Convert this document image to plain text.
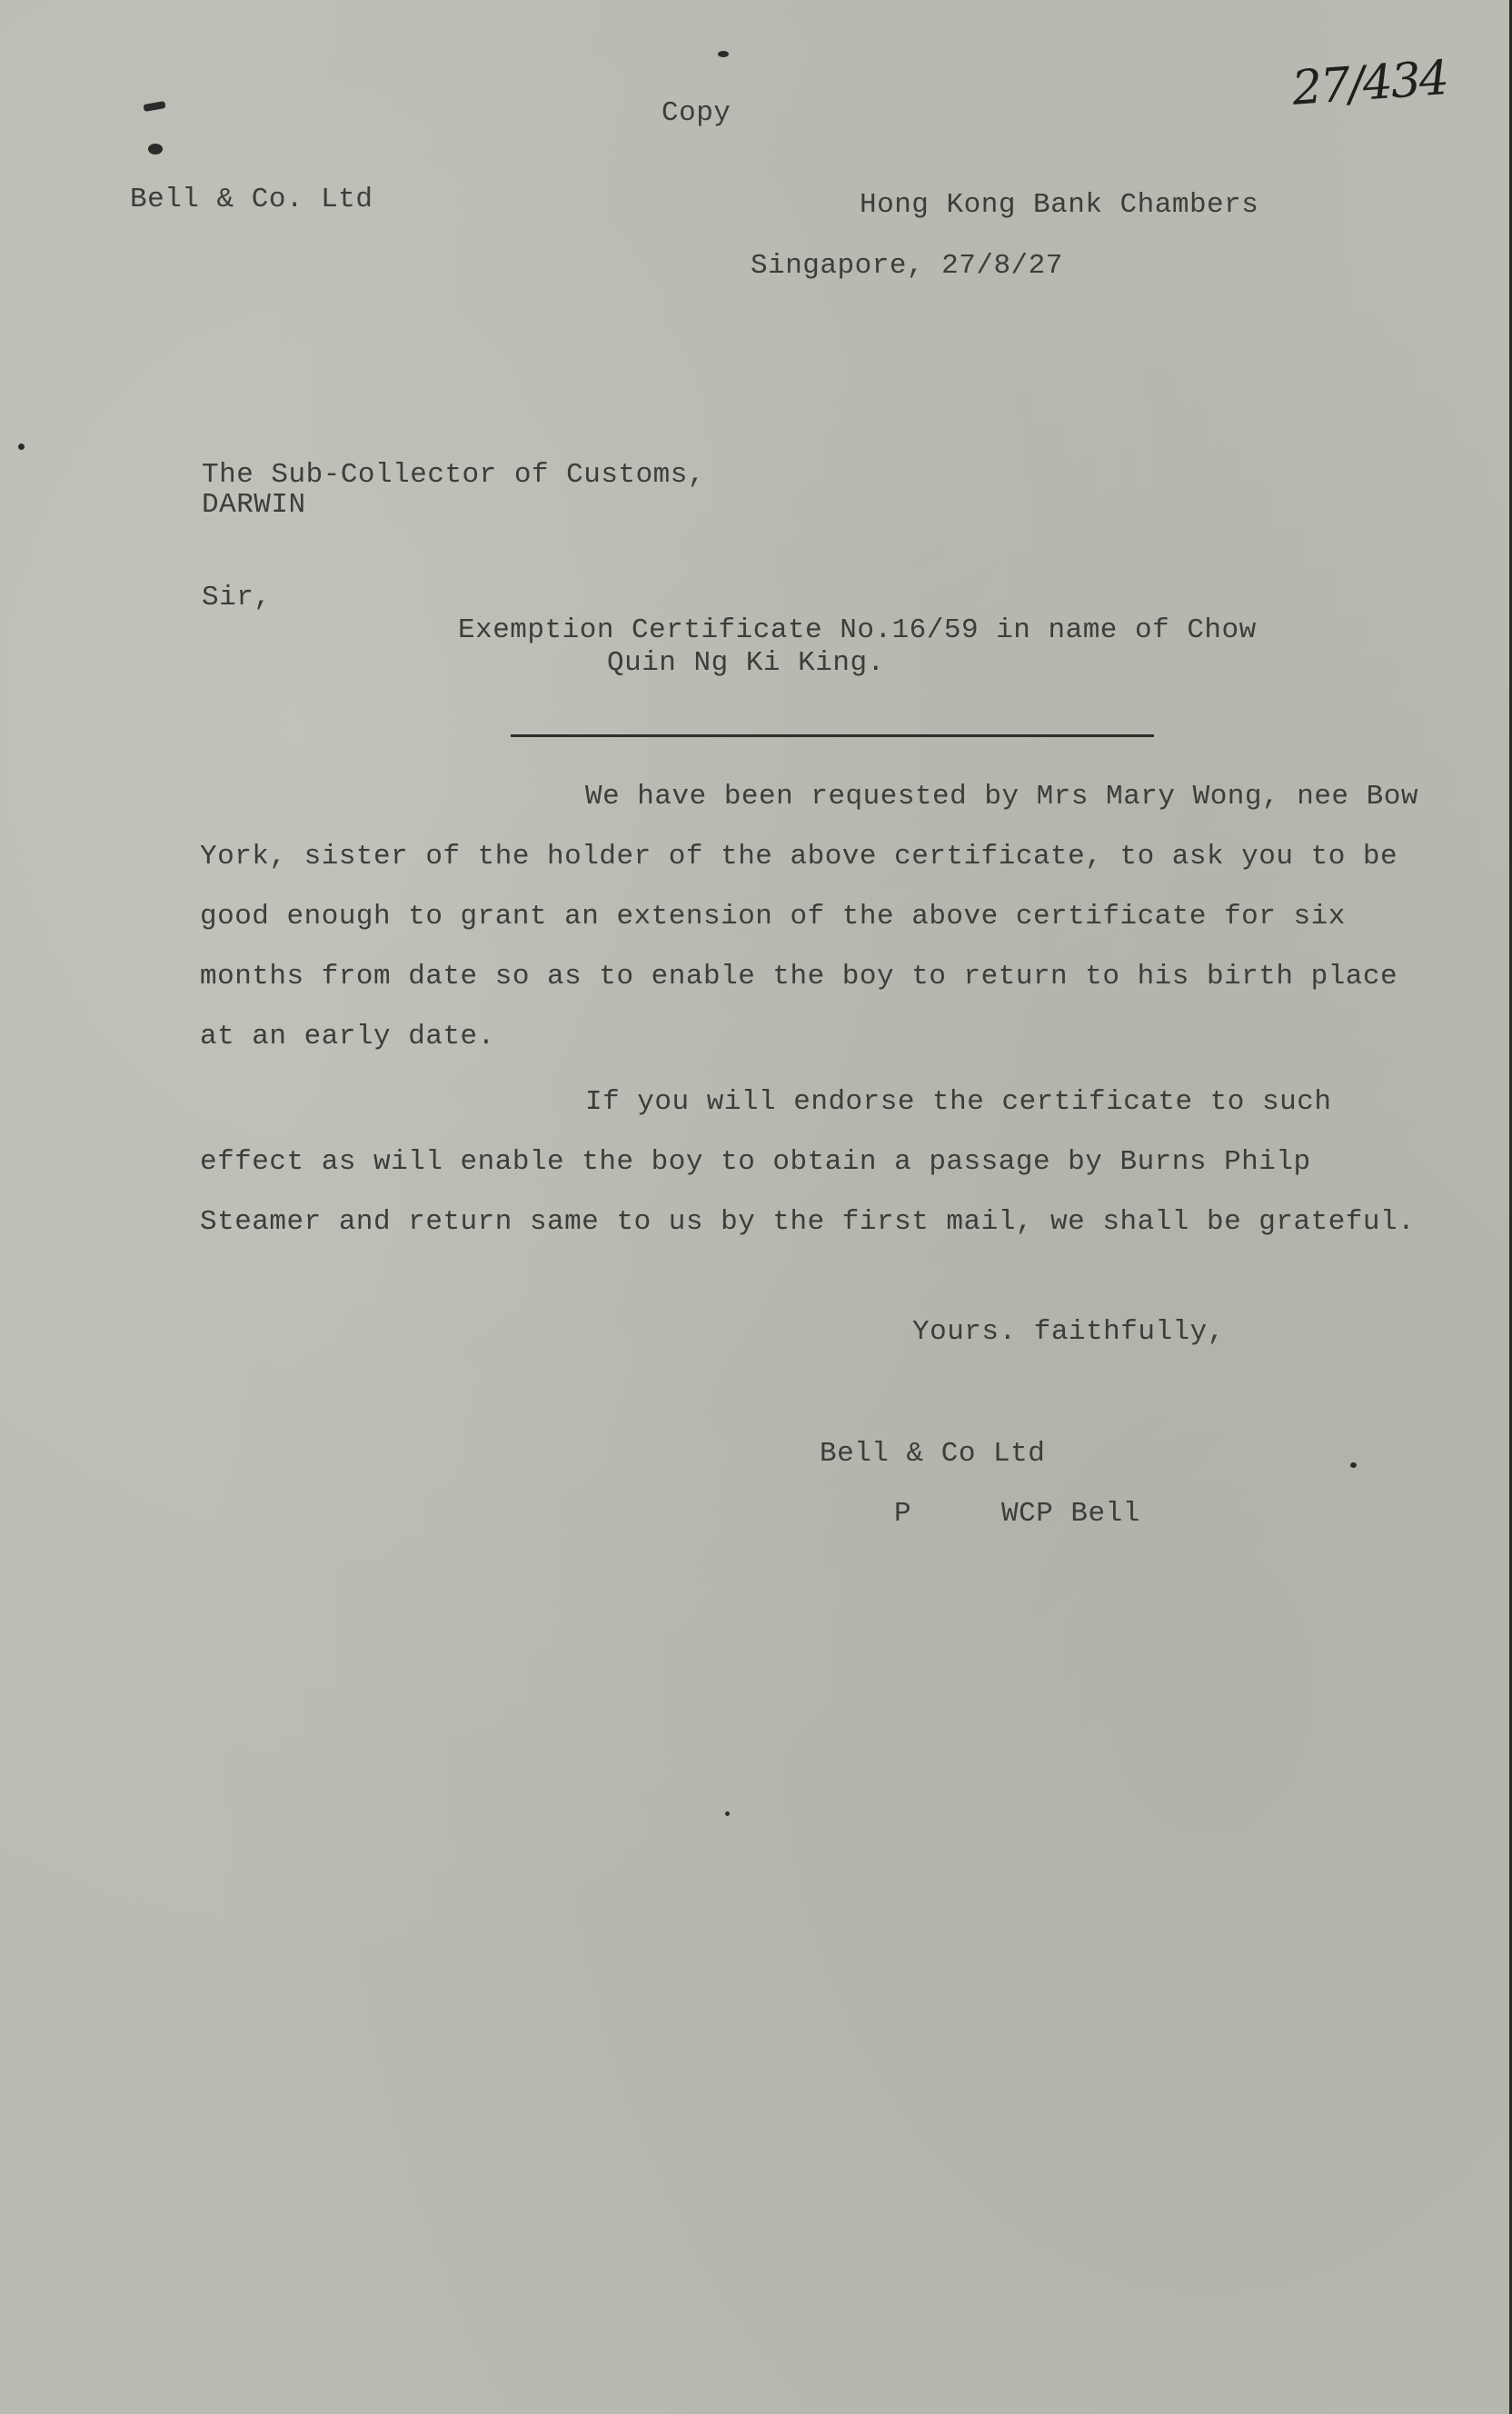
Copy	27/434
Bell & Co. Ltd	Hong Kong Bank Chambers
Singapore, 27/8/27
The Sub-Collector of Customs,
DARWIN
Sir,
Exemption Certificate No.16/59 in name of Chow
Quin Ng Ki King.
We have been requested by Mrs Mary Wong, nee Bow
York, sister of the holder of the above certificate, to ask you to be
good enough to grant an extension of the above certificate for six
months from date so as to enable the boy to return to his birth place
at an early date.
If you will endorse the certificate to such
effect as will enable the boy to obtain a passage by Burns Philp
Steamer and return same to us by the first mail, we shall be grateful.
Yours. faithfully,
Bell & Co Ltd
P	WCP Bell
